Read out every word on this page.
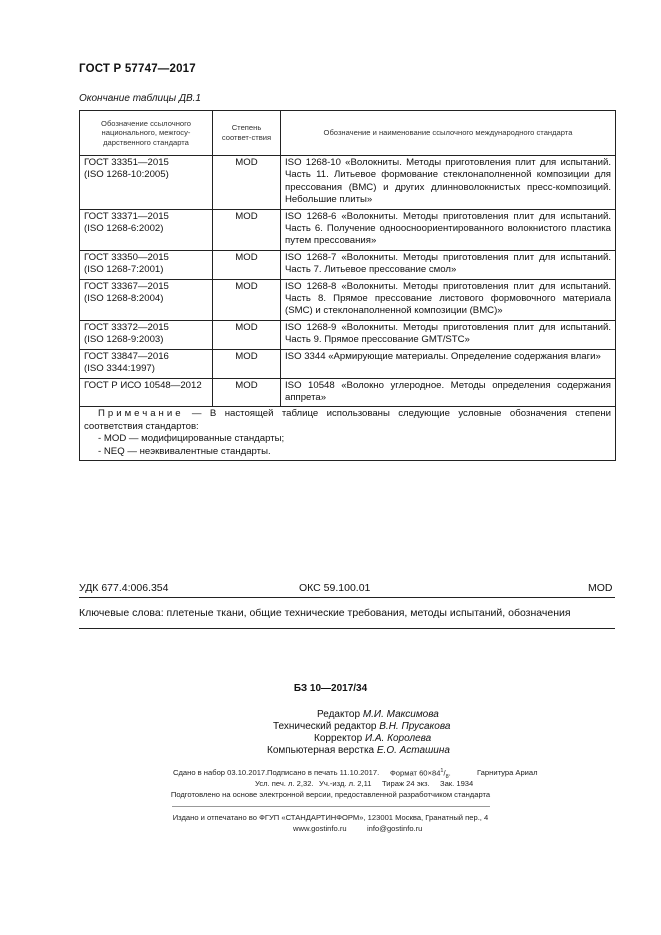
ГОСТ Р 57747—2017
Окончание таблицы ДВ.1
Обозначение ссылочного национального, межгосу-дарственного стандарта	Степень соответ-ствия	Обозначение и наименование ссылочного международного стандарта

ГОСТ 33351—2015
(ISO 1268-10:2005)	MOD	ISO 1268-10 «Волокниты. Методы приготовления плит для испытаний. Часть 11. Литьевое формование стеклонаполненной композиции для прессования (ВМС) и других длинноволокнистых пресс-композиций. Небольшие плиты»

ГОСТ 33371—2015
(ISO 1268-6:2002)	MOD	ISO 1268-6 «Волокниты. Методы приготовления плит для испытаний. Часть 6. Получение одноосноориентированного волокнистого пластика путем прессования»

ГОСТ 33350—2015
(ISO 1268-7:2001)	MOD	ISO 1268-7 «Волокниты. Методы приготовления плит для испытаний. Часть 7. Литьевое прессование смол»

ГОСТ 33367—2015
(ISO 1268-8:2004)	MOD	ISO 1268-8 «Волокниты. Методы приготовления плит для испытаний. Часть 8. Прямое прессование листового формовочного материала (SMC) и стеклонаполненной композиции (ВМС)»

ГОСТ 33372—2015
(ISO 1268-9:2003)	MOD	ISO 1268-9 «Волокниты. Методы приготовления плит для испытаний. Часть 9. Прямое прессование GMT/STC»

ГОСТ 33847—2016
(ISO 3344:1997)	MOD	ISO 3344 «Армирующие материалы. Определение содержания влаги»
ГОСТ Р ИСО 10548—2012	MOD	ISO 10548 «Волокно углеродное. Методы определения содержания аппрета»

Примечание — В настоящей таблице использованы следующие условные обозначения степени соответствия стандартов:
- MOD — модифицированные стандарты;
- NEQ — неэквивалентные стандарты.		
УДК 677.4:006.354	ОКС 59.100.01	MOD
Ключевые слова: плетеные ткани, общие технические требования, методы испытаний, обозначения
БЗ 10—2017/34
Редактор М.И. Максимова
Технический редактор В.Н. Прусакова
Корректор И.А. Королева
Компьютерная верстка Е.О. Асташина
Сдано в набор 03.10.2017. Подписано в печать 11.10.2017. Формат $60\times 84^1/_8$.	Гарнитура Ариал
Усл. печ. л. 2,32. Уч.-изд. л. 2,11 Тираж 24 экз. Зак. 1934
Подготовлено на основе электронной версии, предоставленной разработчиком стандарта
Издано и отпечатано во ФГУП «СТАНДАРТИНФОРМ», 123001 Москва, Гранатный пер., 4
www.gostinfo.ru	info@gostinfo.ru
